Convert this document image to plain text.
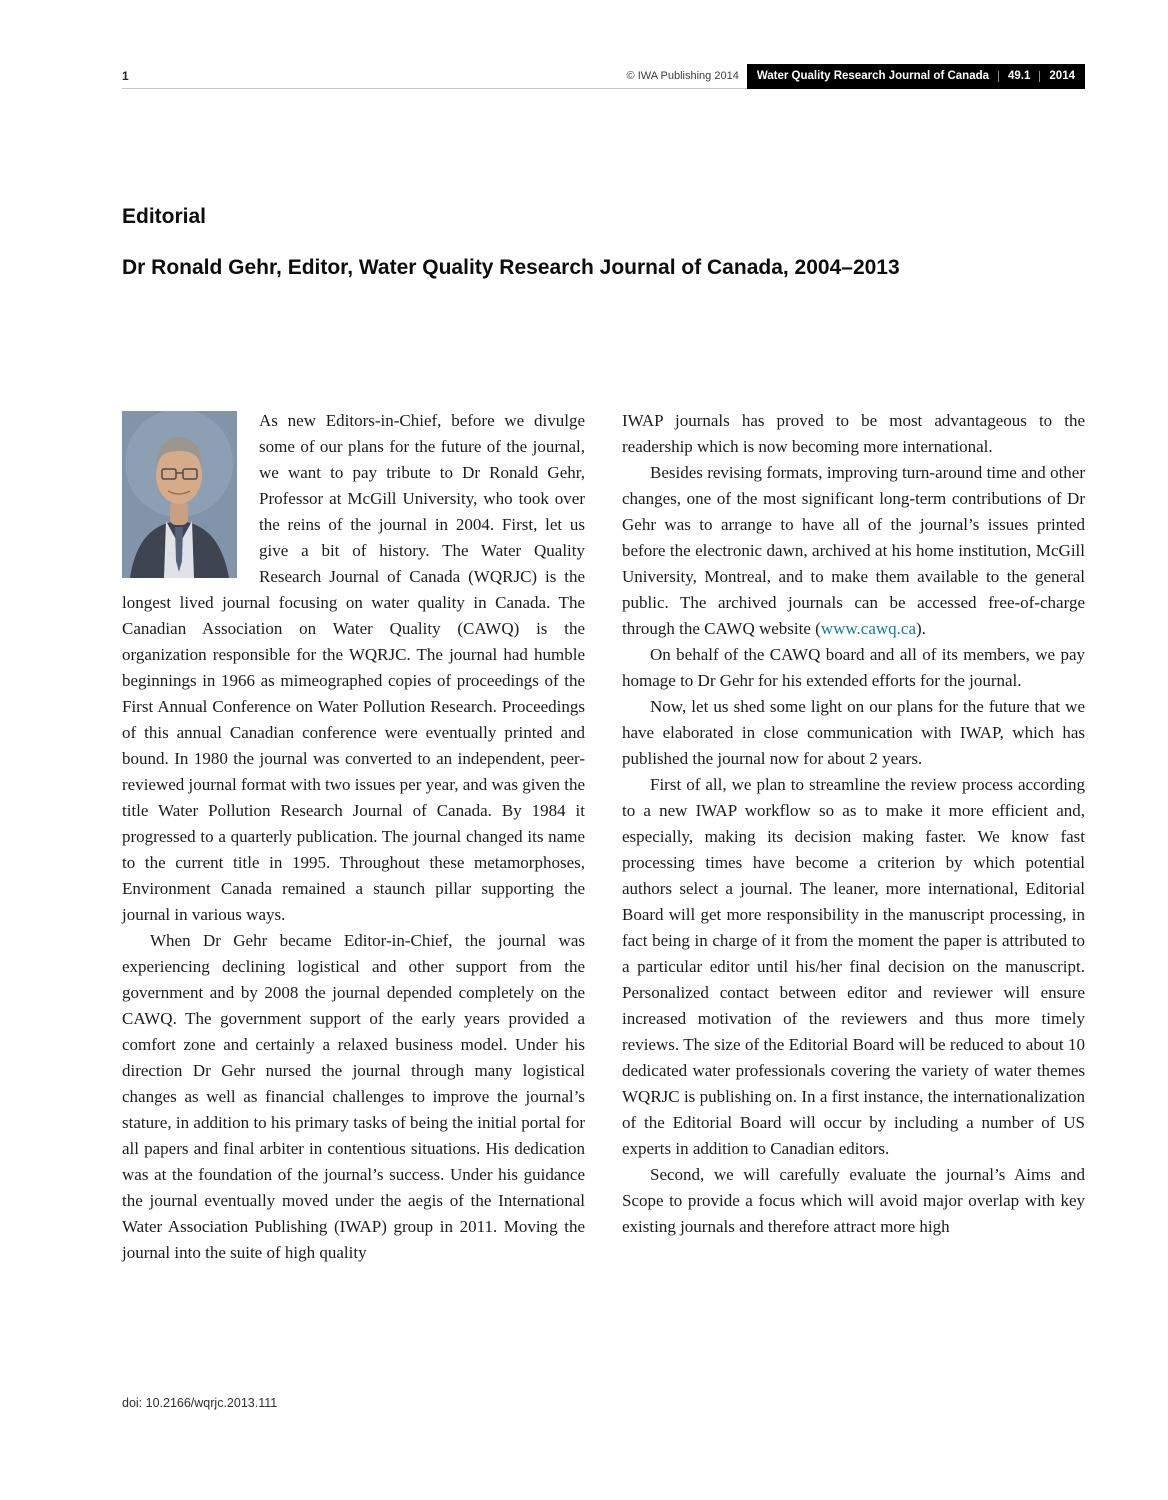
1	© IWA Publishing 2014 Water Quality Research Journal of Canada 49.1 2014
Editorial
Dr Ronald Gehr, Editor, Water Quality Research Journal of Canada, 2004–2013

As new Editors-in-Chief, before we divulge some of our plans for the future of the journal, we want to pay tribute to Dr Ronald Gehr, Professor at McGill University, who took over the reins of the journal in 2004. First, let us give a bit of history. The Water Quality Research Journal of Canada (WQRJC) is the longest lived journal focusing on water quality in Canada. The Canadian Association on Water Quality (CAWQ) is the organization responsible for the WQRJC. The journal had humble beginnings in 1966 as mimeographed copies of proceedings of the First Annual Conference on Water Pollution Research. Proceedings of this annual Canadian conference were eventually printed and bound. In 1980 the journal was converted to an independent, peer-reviewed journal format with two issues per year, and was given the title Water Pollution Research Journal of Canada. By 1984 it progressed to a quarterly publication. The journal changed its name to the current title in 1995. Throughout these metamorphoses, Environment Canada remained a staunch pillar supporting the journal in various ways.

When Dr Gehr became Editor-in-Chief, the journal was experiencing declining logistical and other support from the government and by 2008 the journal depended completely on the CAWQ. The government support of the early years provided a comfort zone and certainly a relaxed business model. Under his direction Dr Gehr nursed the journal through many logistical changes as well as financial challenges to improve the journal’s stature, in addition to his primary tasks of being the initial portal for all papers and final arbiter in contentious situations. His dedication was at the foundation of the journal’s success. Under his guidance the journal eventually moved under the aegis of the International Water Association Publishing (IWAP) group in 2011. Moving the journal into the suite of high quality

IWAP journals has proved to be most advantageous to the readership which is now becoming more international.

Besides revising formats, improving turn-around time and other changes, one of the most significant long-term contributions of Dr Gehr was to arrange to have all of the journal’s issues printed before the electronic dawn, archived at his home institution, McGill University, Montreal, and to make them available to the general public. The archived journals can be accessed free-of-charge through the CAWQ website (www.cawq.ca).

On behalf of the CAWQ board and all of its members, we pay homage to Dr Gehr for his extended efforts for the journal.

Now, let us shed some light on our plans for the future that we have elaborated in close communication with IWAP, which has published the journal now for about 2 years.

First of all, we plan to streamline the review process according to a new IWAP workflow so as to make it more efficient and, especially, making its decision making faster. We know fast processing times have become a criterion by which potential authors select a journal. The leaner, more international, Editorial Board will get more responsibility in the manuscript processing, in fact being in charge of it from the moment the paper is attributed to a particular editor until his/her final decision on the manuscript. Personalized contact between editor and reviewer will ensure increased motivation of the reviewers and thus more timely reviews. The size of the Editorial Board will be reduced to about 10 dedicated water professionals covering the variety of water themes WQRJC is publishing on. In a first instance, the internationalization of the Editorial Board will occur by including a number of US experts in addition to Canadian editors.

Second, we will carefully evaluate the journal’s Aims and Scope to provide a focus which will avoid major overlap with key existing journals and therefore attract more high

doi: 10.2166/wqrjc.2013.111
